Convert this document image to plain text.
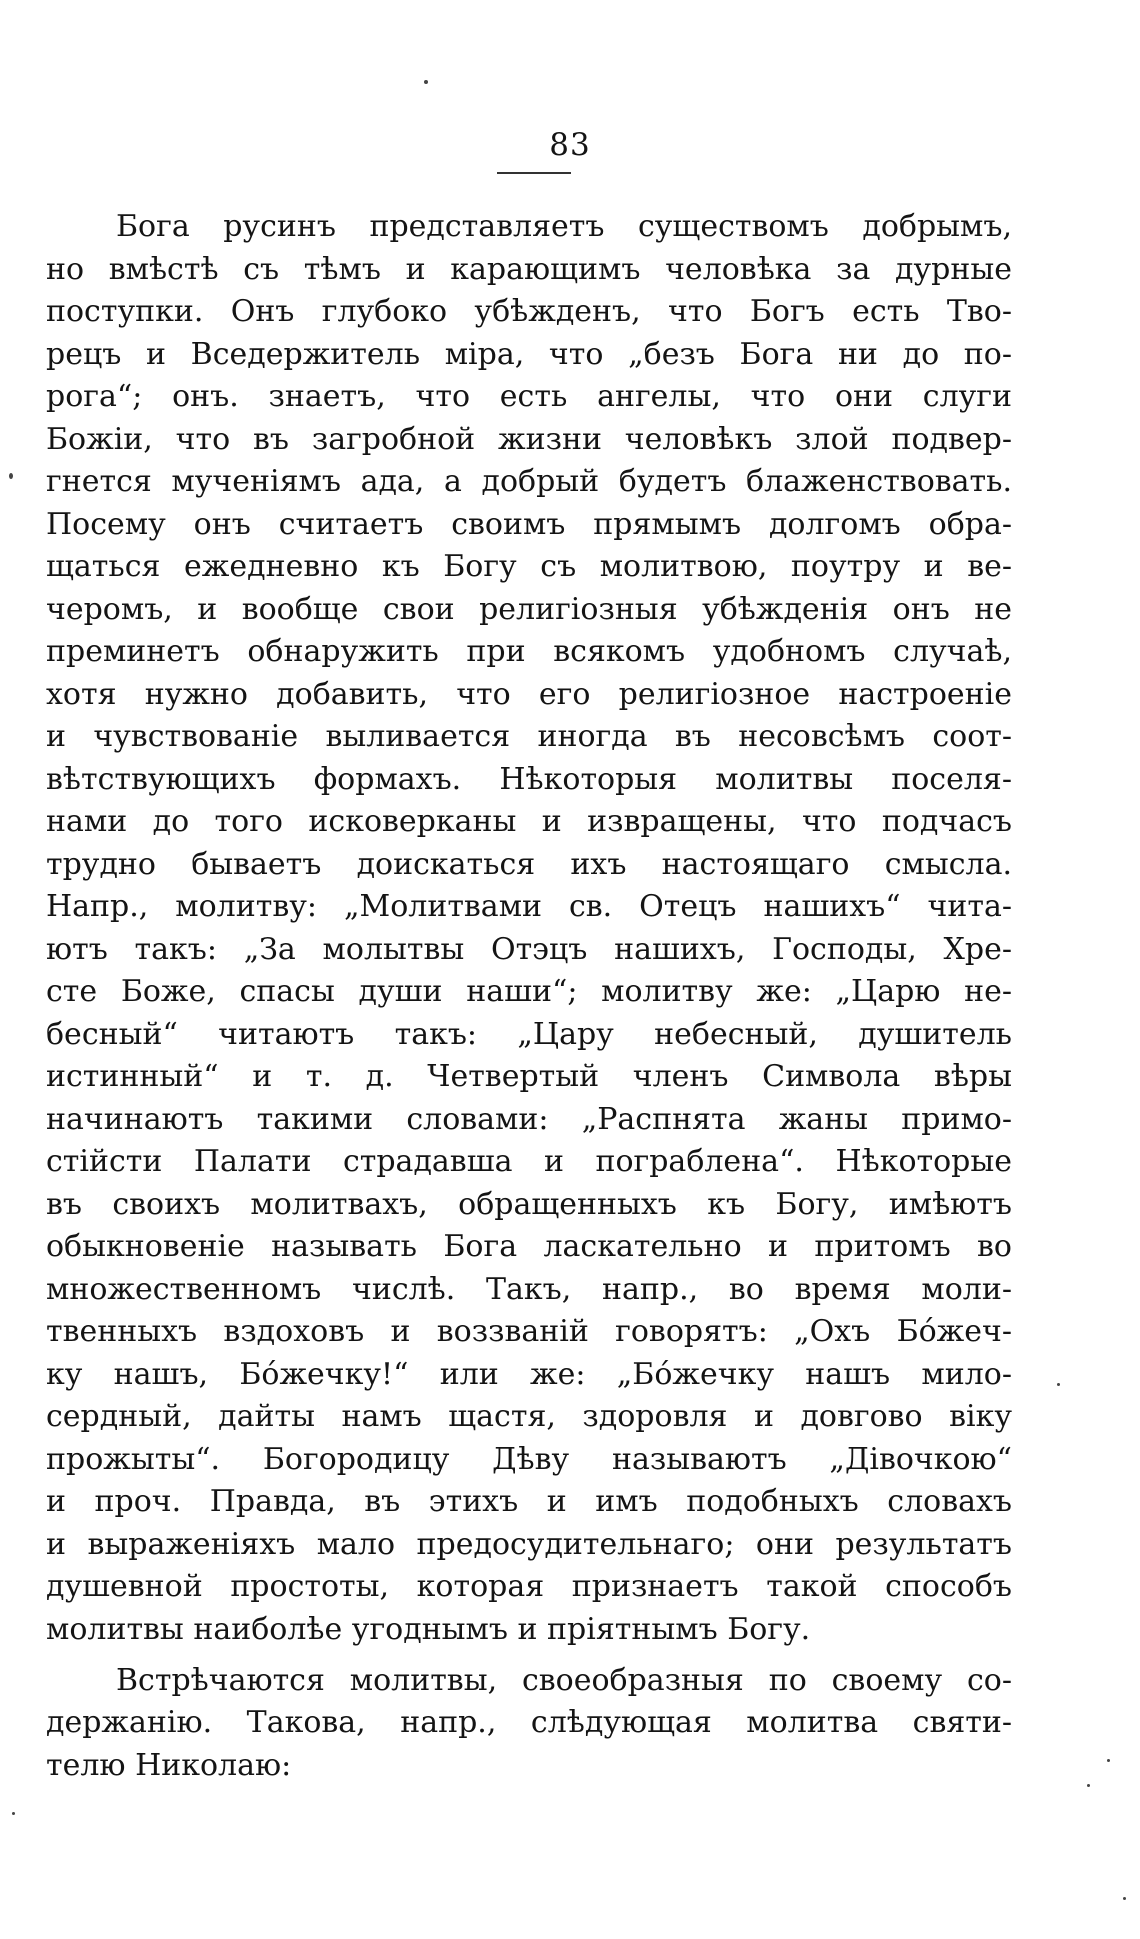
83
Бога русинъ представляетъ существомъ добрымъ,
но вмѣстѣ съ тѣмъ и карающимъ человѣка за дурные
поступки. Онъ глубоко убѣжденъ, что Богъ есть Тво-
рецъ и Вседержитель міра, что „безъ Бога ни до по-
рога“; онъ. знаетъ, что есть ангелы, что они слуги
Божіи, что въ загробной жизни человѣкъ злой подвер-
гнется мученіямъ ада, а добрый будетъ блаженствовать.
Посему онъ считаетъ своимъ прямымъ долгомъ обра-
щаться ежедневно къ Богу съ молитвою, поутру и ве-
черомъ, и вообще свои религіозныя убѣжденія онъ не
преминетъ обнаружить при всякомъ удобномъ случаѣ,
хотя нужно добавить, что его религіозное настроеніе
и чувствованіе выливается иногда въ несовсѣмъ соот-
вѣтствующихъ формахъ. Нѣкоторыя молитвы поселя-
нами до того исковерканы и извращены, что подчасъ
трудно бываетъ доискаться ихъ настоящаго смысла.
Напр., молитву: „Молитвами св. Отецъ нашихъ“ чита-
ютъ такъ: „За молытвы Отэцъ нашихъ, Господы, Хре-
сте Боже, спасы души наши“; молитву же: „Царю не-
бесный“ читаютъ такъ: „Цару небесный, душитель
истинный“ и т. д. Четвертый членъ Символа вѣры
начинаютъ такими словами: „Распнята жаны примо-
стійсти Палати страдавша и пограблена“. Нѣкоторые
въ своихъ молитвахъ, обращенныхъ къ Богу, имѣютъ
обыкновеніе называть Бога ласкательно и притомъ во
множественномъ числѣ. Такъ, напр., во время моли-
твенныхъ вздоховъ и воззваній говорятъ: „Охъ Бо́жеч-
ку нашъ, Бо́жечку!“ или же: „Бо́жечку нашъ мило-
сердный, дайты намъ щастя, здоровля и довгово віку
прожыты“. Богородицу Дѣву называютъ „Дівочкою“
и проч. Правда, въ этихъ и имъ подобныхъ словахъ
и выраженіяхъ мало предосудительнаго; они результатъ
душевной простоты, которая признаетъ такой способъ
молитвы наиболѣе угоднымъ и пріятнымъ Богу.
Встрѣчаются молитвы, своеобразныя по своему со-
держанію. Такова, напр., слѣдующая молитва святи-
телю Николаю:
